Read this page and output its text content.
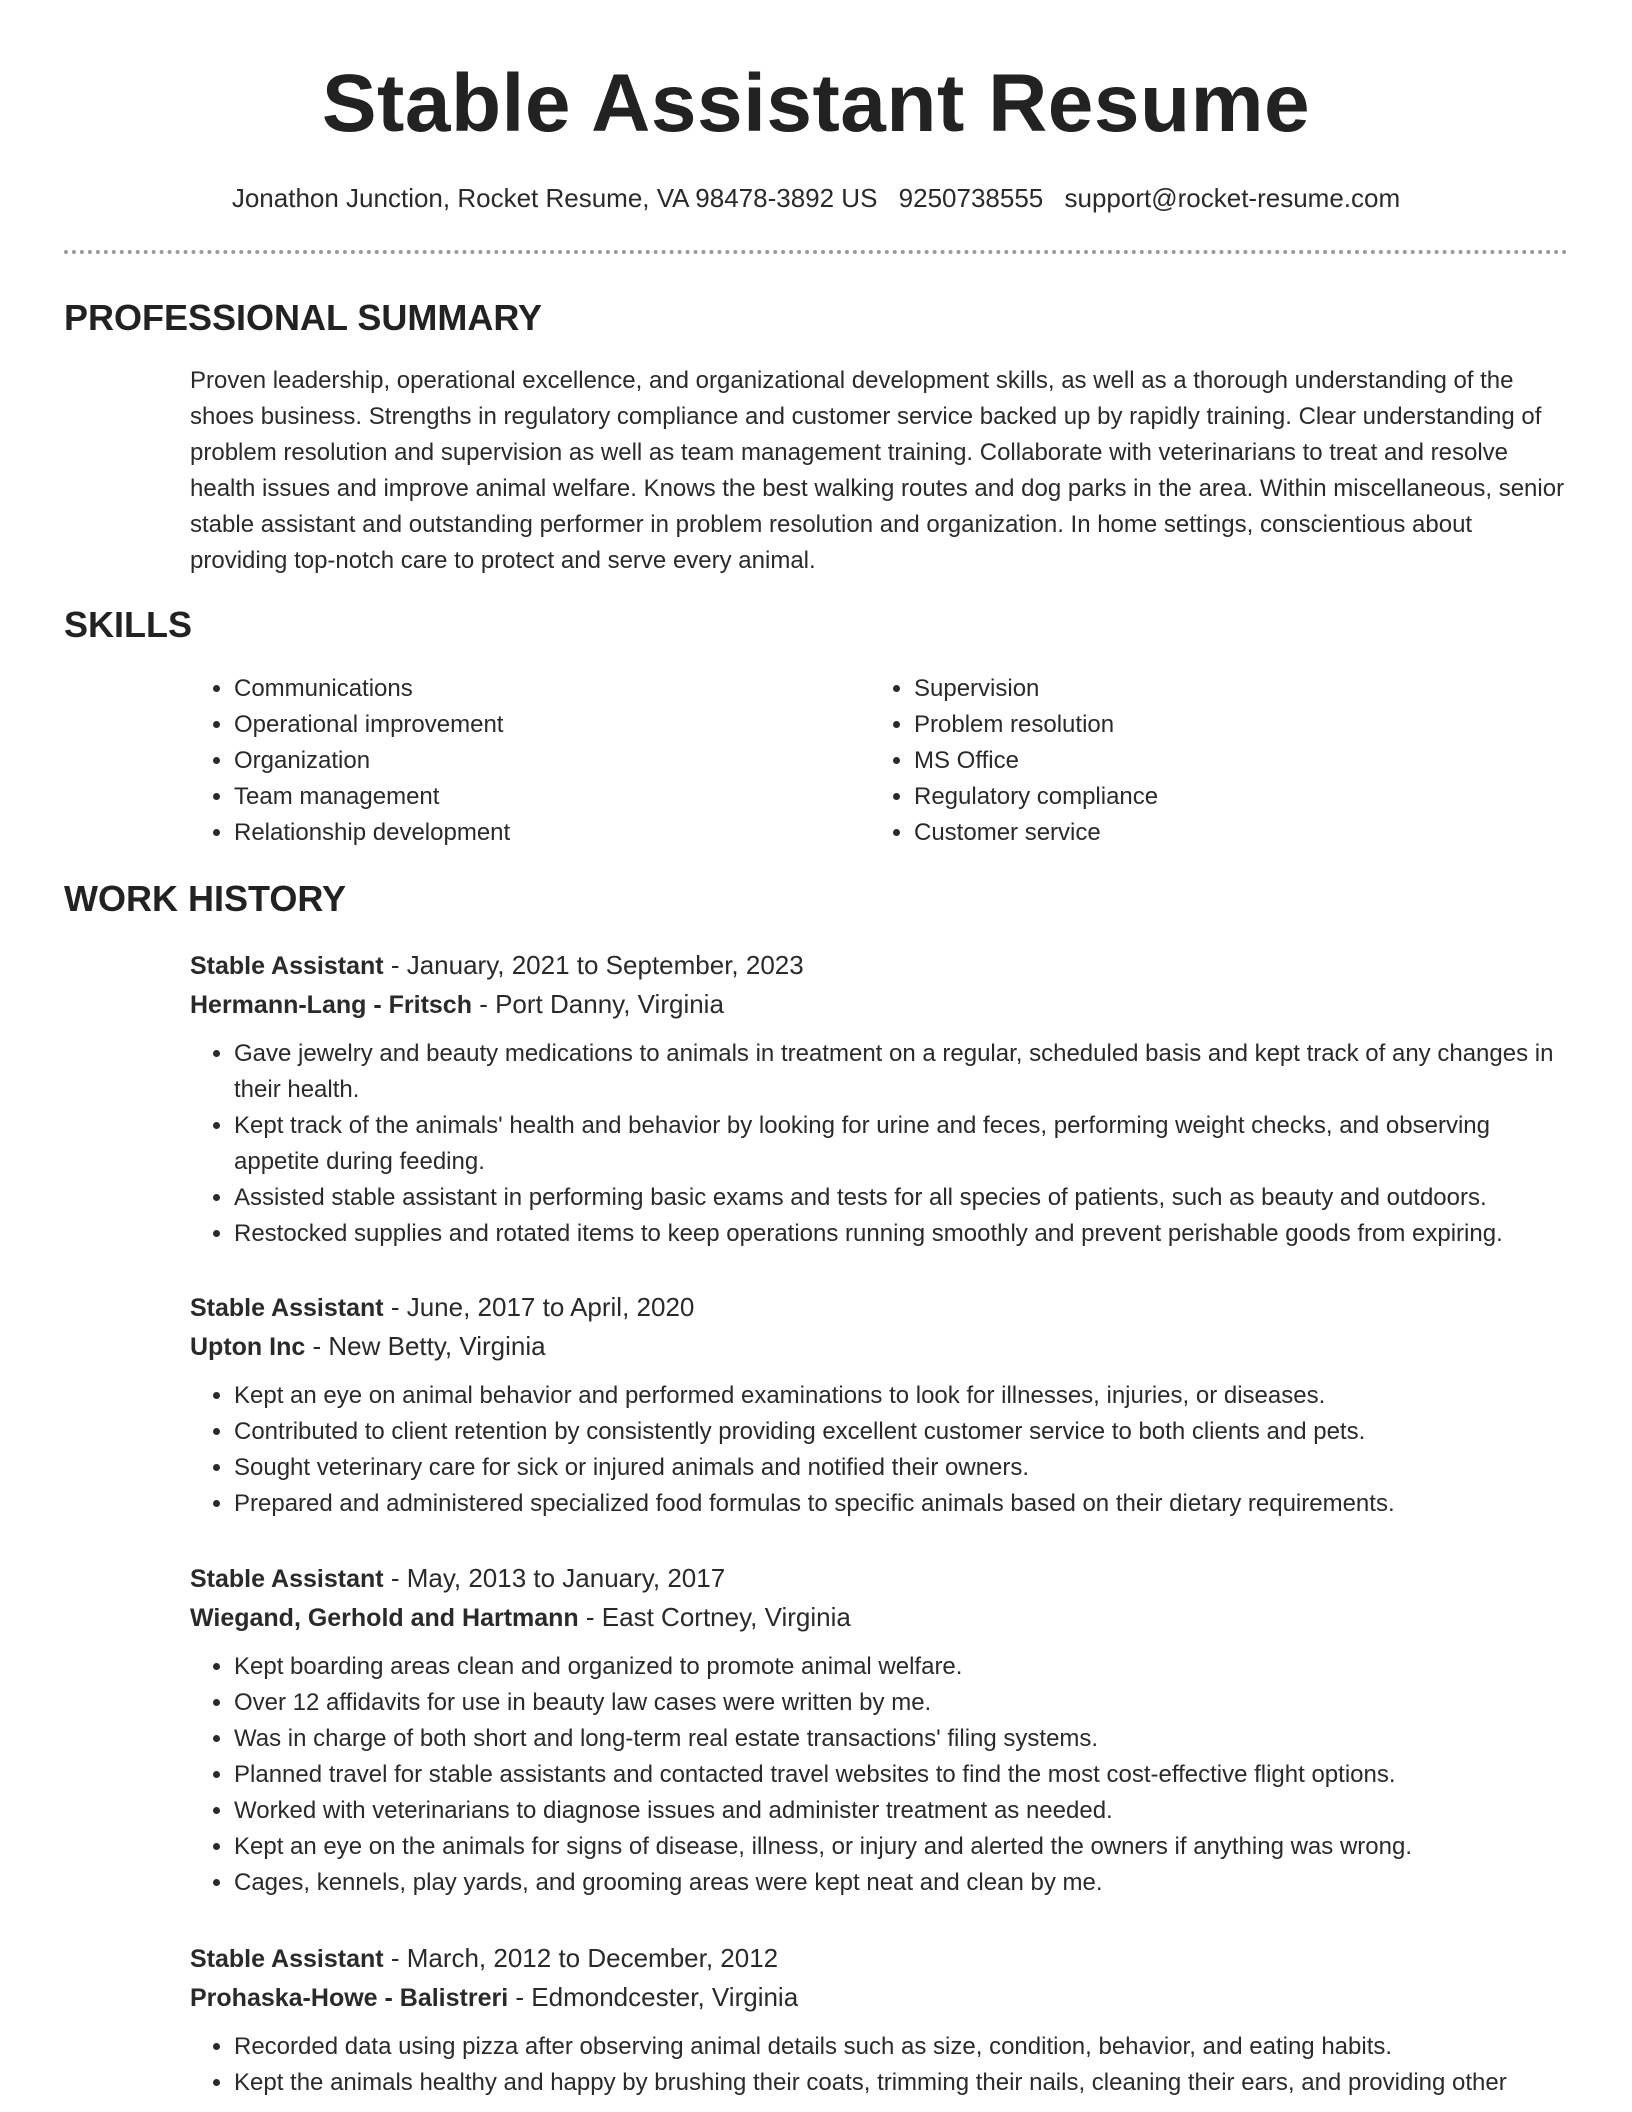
Stable Assistant Resume
Jonathon Junction, Rocket Resume, VA 98478-3892 US 9250738555 support@rocket-resume.com
PROFESSIONAL SUMMARY

Proven leadership, operational excellence, and organizational development skills, as well as a thorough understanding of the shoes business. Strengths in regulatory compliance and customer service backed up by rapidly training. Clear understanding of problem resolution and supervision as well as team management training. Collaborate with veterinarians to treat and resolve health issues and improve animal welfare. Knows the best walking routes and dog parks in the area. Within miscellaneous, senior stable assistant and outstanding performer in problem resolution and organization. In home settings, conscientious about providing top-notch care to protect and serve every animal.

SKILLS
• Communications
• Operational improvement
• Organization
• Team management
• Relationship development
• Supervision
• Problem resolution
• MS Office
• Regulatory compliance
• Customer service
WORK HISTORY

Stable Assistant - January, 2021 to September, 2023

Hermann-Lang - Fritsch - Port Danny, Virginia

• Gave jewelry and beauty medications to animals in treatment on a regular, scheduled basis and kept track of any changes in their health.
• Kept track of the animals' health and behavior by looking for urine and feces, performing weight checks, and observing appetite during feeding.
• Assisted stable assistant in performing basic exams and tests for all species of patients, such as beauty and outdoors.
• Restocked supplies and rotated items to keep operations running smoothly and prevent perishable goods from expiring.

Stable Assistant - June, 2017 to April, 2020

Upton Inc - New Betty, Virginia

• Kept an eye on animal behavior and performed examinations to look for illnesses, injuries, or diseases.
• Contributed to client retention by consistently providing excellent customer service to both clients and pets.
• Sought veterinary care for sick or injured animals and notified their owners.
• Prepared and administered specialized food formulas to specific animals based on their dietary requirements.

Stable Assistant - May, 2013 to January, 2017

Wiegand, Gerhold and Hartmann - East Cortney, Virginia

• Kept boarding areas clean and organized to promote animal welfare.
• Over 12 affidavits for use in beauty law cases were written by me.
• Was in charge of both short and long-term real estate transactions' filing systems.
• Planned travel for stable assistants and contacted travel websites to find the most cost-effective flight options.
• Worked with veterinarians to diagnose issues and administer treatment as needed.
• Kept an eye on the animals for signs of disease, illness, or injury and alerted the owners if anything was wrong.
• Cages, kennels, play yards, and grooming areas were kept neat and clean by me.

Stable Assistant - March, 2012 to December, 2012

Prohaska-Howe - Balistreri - Edmondcester, Virginia

• Recorded data using pizza after observing animal details such as size, condition, behavior, and eating habits.
• Kept the animals healthy and happy by brushing their coats, trimming their nails, cleaning their ears, and providing other
